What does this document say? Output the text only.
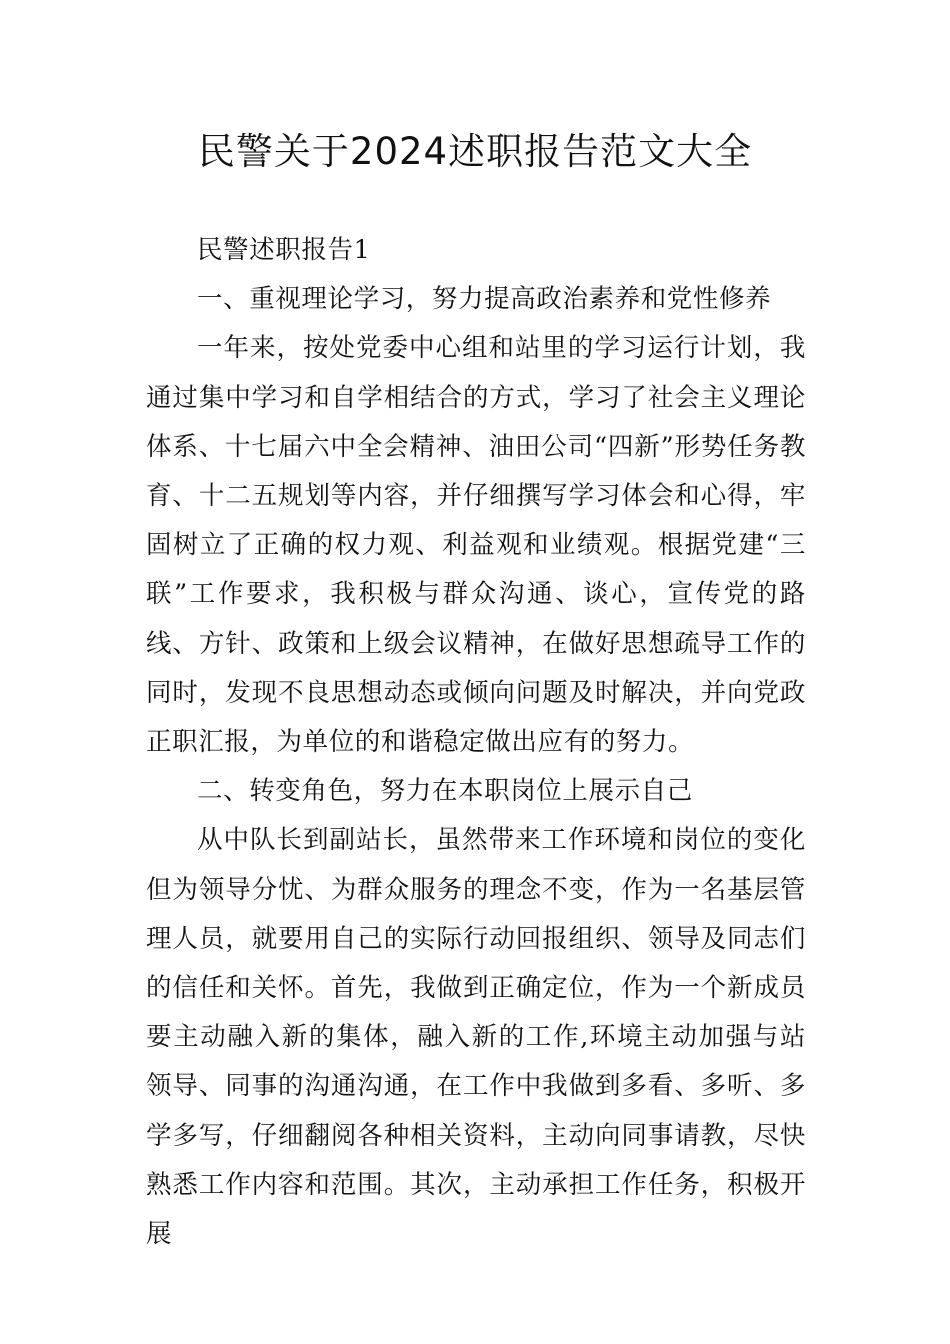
民警关于2024述职报告范文大全

民警述职报告1

一、重视理论学习，努力提高政治素养和党性修养

一年来，按处党委中心组和站里的学习运行计划，我通过集中学习和自学相结合的方式，学习了社会主义理论体系、十七届六中全会精神、油田公司“四新”形势任务教育、十二五规划等内容，并仔细撰写学习体会和心得，牢固树立了正确的权力观、利益观和业绩观。根据党建“三联”工作要求，我积极与群众沟通、谈心，宣传党的路线、方针、政策和上级会议精神，在做好思想疏导工作的同时，发现不良思想动态或倾向问题及时解决，并向党政正职汇报，为单位的和谐稳定做出应有的努力。

二、转变角色，努力在本职岗位上展示自己

从中队长到副站长，虽然带来工作环境和岗位的变化但为领导分忧、为群众服务的理念不变，作为一名基层管理人员，就要用自己的实际行动回报组织、领导及同志们的信任和关怀。首先，我做到正确定位，作为一个新成员要主动融入新的集体，融入新的工作,环境主动加强与站领导、同事的沟通沟通，在工作中我做到多看、多听、多学多写，仔细翻阅各种相关资料，主动向同事请教，尽快熟悉工作内容和范围。其次，主动承担工作任务，积极开展
